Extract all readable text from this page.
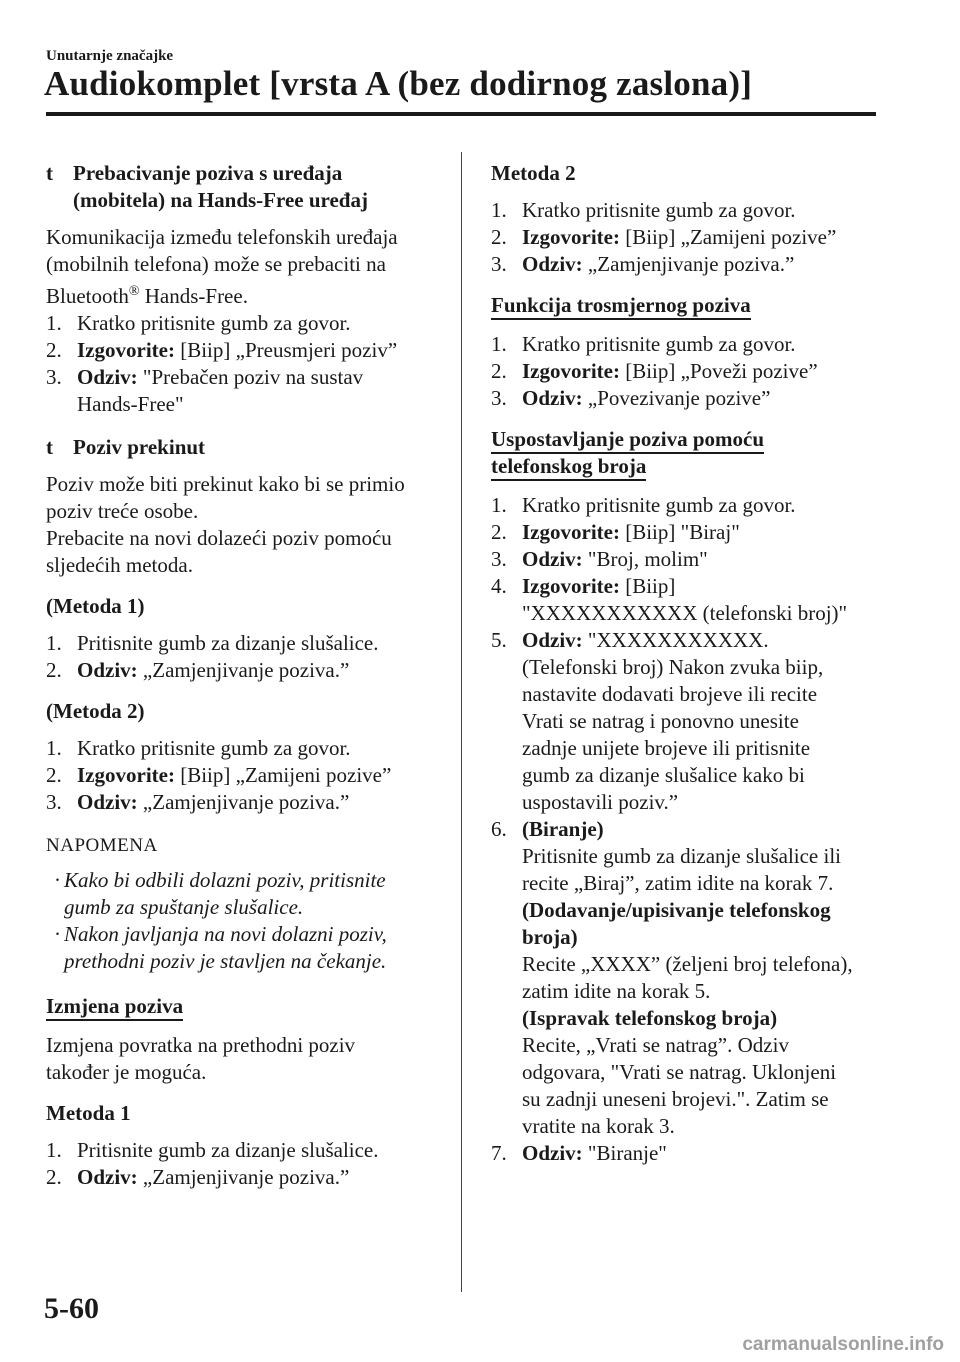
Unutarnje značajke
Audiokomplet [vrsta A (bez dodirnog zaslona)]
t Prebacivanje poziva s uređaja
(mobitela) na Hands-Free uređaj

Komunikacija između telefonskih uređaja
(mobilnih telefona) može se prebaciti na
Bluetooth® Hands-Free.

1. Kratko pritisnite gumb za govor.
2. Izgovorite: [Biip] „Preusmjeri poziv”
3. Odziv: "Prebačen poziv na sustav
Hands-Free"
t Poziv prekinut

Poziv može biti prekinut kako bi se primio
poziv treće osobe.
Prebacite na novi dolazeći poziv pomoću
sljedećih metoda.

(Metoda 1)
1. Pritisnite gumb za dizanje slušalice.
2. Odziv: „Zamjenjivanje poziva.”
(Metoda 2)
1. Kratko pritisnite gumb za govor.
2. Izgovorite: [Biip] „Zamijeni pozive”
3. Odziv: „Zamjenjivanje poziva.”
NAPOMENA
· Kako bi odbili dolazni poziv, pritisnite
gumb za spuštanje slušalice.
· Nakon javljanja na novi dolazni poziv,
prethodni poziv je stavljen na čekanje.
Izmjena poziva

Izmjena povratka na prethodni poziv
također je moguća.

Metoda 1
1. Pritisnite gumb za dizanje slušalice.
2. Odziv: „Zamjenjivanje poziva.”
Metoda 2
1. Kratko pritisnite gumb za govor.
2. Izgovorite: [Biip] „Zamijeni pozive”
3. Odziv: „Zamjenjivanje poziva.”
Funkcija trosmjernog poziva
1. Kratko pritisnite gumb za govor.
2. Izgovorite: [Biip] „Poveži pozive”
3. Odziv: „Povezivanje pozive”
Uspostavljanje poziva pomoću
telefonskog broja
1. Kratko pritisnite gumb za govor.
2. Izgovorite: [Biip] "Biraj"
3. Odziv: "Broj, molim"
4. Izgovorite: [Biip]
"XXXXXXXXXXX (telefonski broj)"
5. Odziv: "XXXXXXXXXXX.
(Telefonski broj) Nakon zvuka biip,
nastavite dodavati brojeve ili recite
Vrati se natrag i ponovno unesite
zadnje unijete brojeve ili pritisnite
gumb za dizanje slušalice kako bi
uspostavili poziv.”
6. (Biranje)
Pritisnite gumb za dizanje slušalice ili
recite „Biraj”, zatim idite na korak 7.
(Dodavanje/upisivanje telefonskog
broja)
Recite „XXXX” (željeni broj telefona),
zatim idite na korak 5.
(Ispravak telefonskog broja)
Recite, „Vrati se natrag”. Odziv
odgovara, "Vrati se natrag. Uklonjeni
su zadnji uneseni brojevi.". Zatim se
vratite na korak 3.
7. Odziv: "Biranje"
5-60
carmanualsonline.info
